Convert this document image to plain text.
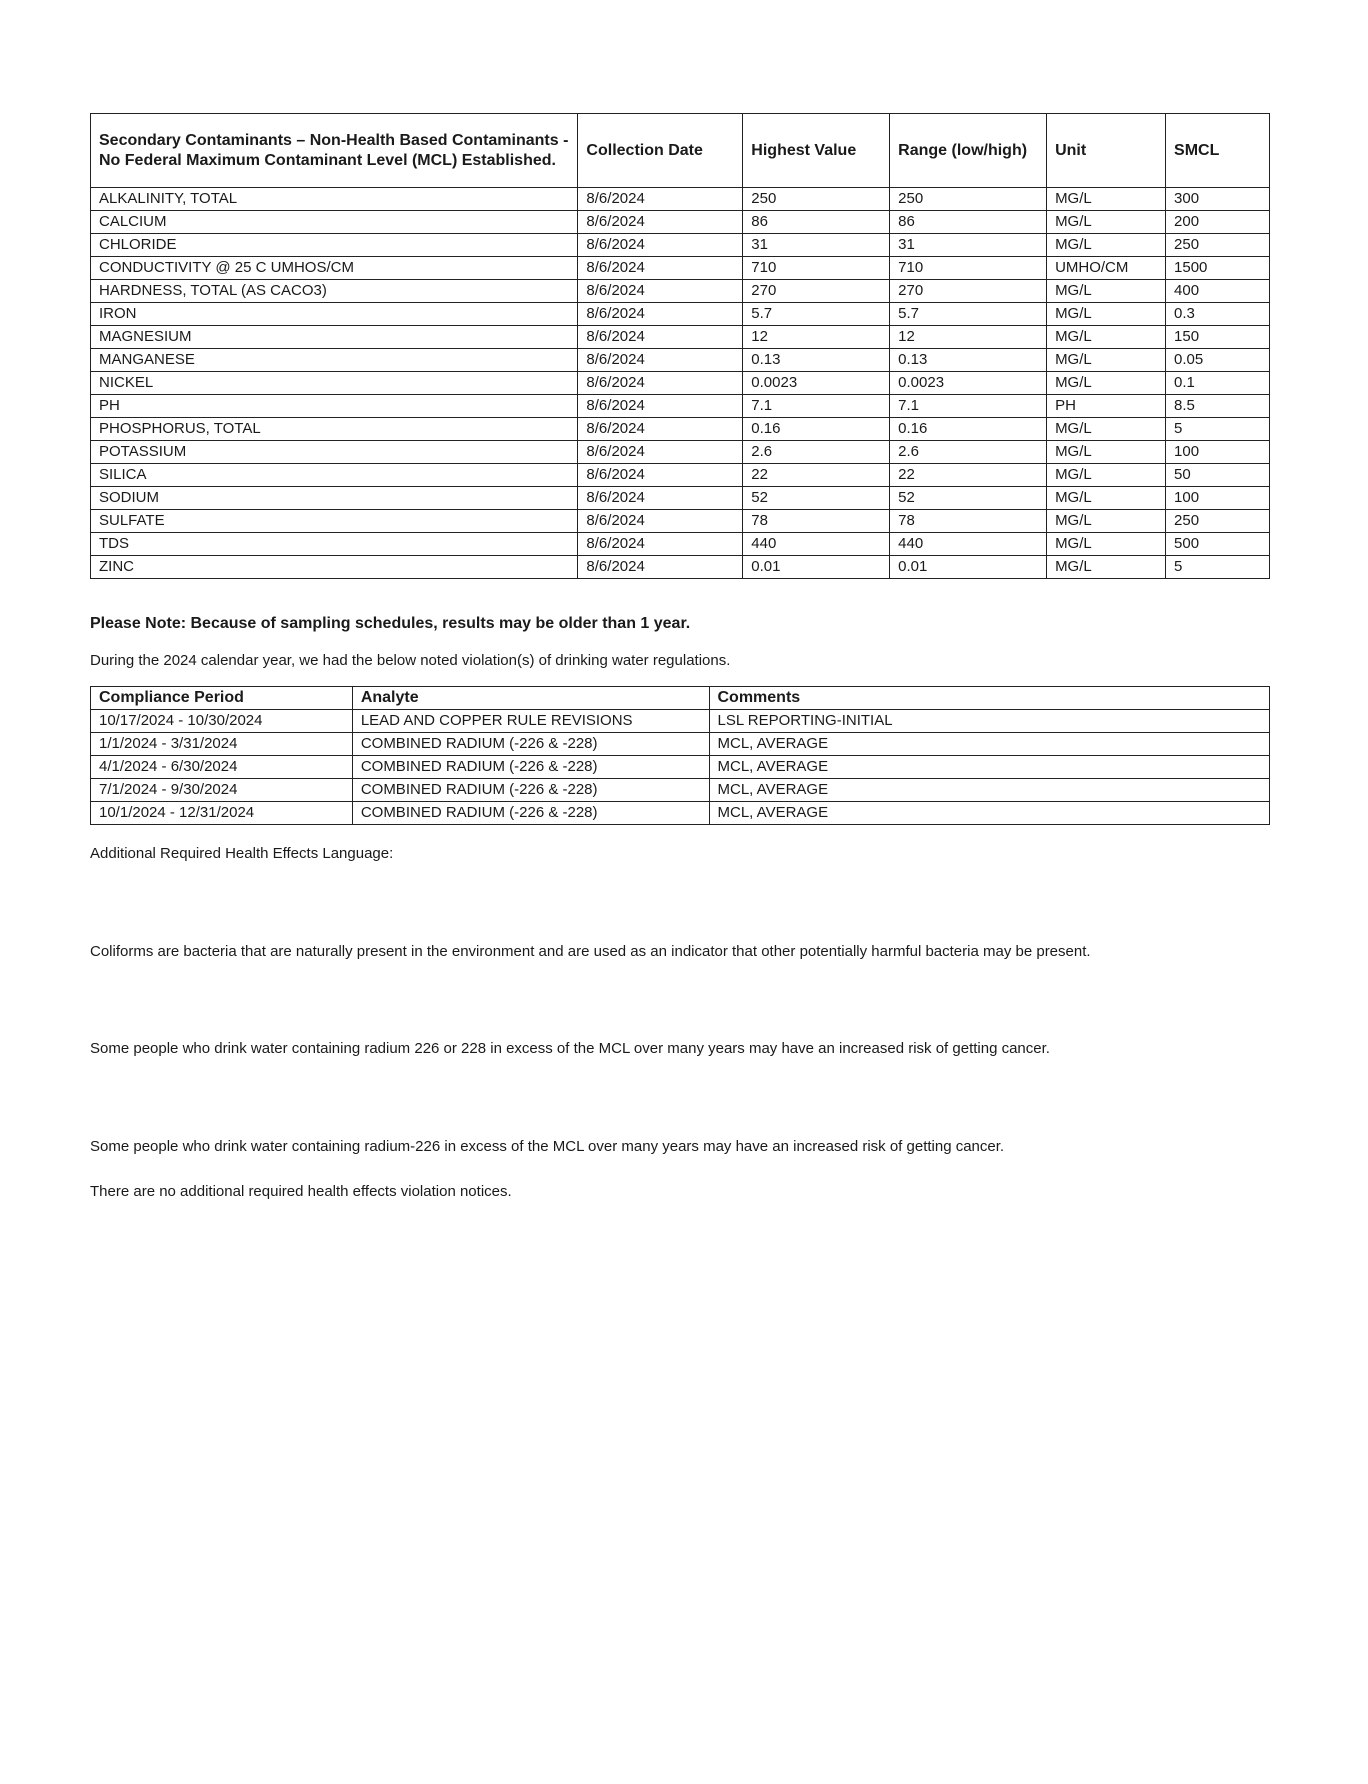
Secondary Contaminants – Non-Health Based Contaminants - No Federal Maximum Contaminant Level (MCL) Established.	Collection Date	Highest Value	Range (low/high)	Unit	SMCL
ALKALINITY, TOTAL	8/6/2024	250	250	MG/L	300
CALCIUM	8/6/2024	86	86	MG/L	200
CHLORIDE	8/6/2024	31	31	MG/L	250
CONDUCTIVITY @ 25 C UMHOS/CM	8/6/2024	710	710	UMHO/CM	1500
HARDNESS, TOTAL (AS CACO3)	8/6/2024	270	270	MG/L	400
IRON	8/6/2024	5.7	5.7	MG/L	0.3
MAGNESIUM	8/6/2024	12	12	MG/L	150
MANGANESE	8/6/2024	0.13	0.13	MG/L	0.05
NICKEL	8/6/2024	0.0023	0.0023	MG/L	0.1
PH	8/6/2024	7.1	7.1	PH	8.5
PHOSPHORUS, TOTAL	8/6/2024	0.16	0.16	MG/L	5
POTASSIUM	8/6/2024	2.6	2.6	MG/L	100
SILICA	8/6/2024	22	22	MG/L	50
SODIUM	8/6/2024	52	52	MG/L	100
SULFATE	8/6/2024	78	78	MG/L	250
TDS	8/6/2024	440	440	MG/L	500
ZINC	8/6/2024	0.01	0.01	MG/L	5
Please Note: Because of sampling schedules, results may be older than 1 year.
During the 2024 calendar year, we had the below noted violation(s) of drinking water regulations.
Compliance Period	Analyte	Comments
10/17/2024 - 10/30/2024	LEAD AND COPPER RULE REVISIONS	LSL REPORTING-INITIAL
1/1/2024 - 3/31/2024	COMBINED RADIUM (-226 & -228)	MCL, AVERAGE
4/1/2024 - 6/30/2024	COMBINED RADIUM (-226 & -228)	MCL, AVERAGE
7/1/2024 - 9/30/2024	COMBINED RADIUM (-226 & -228)	MCL, AVERAGE
10/1/2024 - 12/31/2024	COMBINED RADIUM (-226 & -228)	MCL, AVERAGE
Additional Required Health Effects Language:
Coliforms are bacteria that are naturally present in the environment and are used as an indicator that other potentially harmful bacteria may be present.
Some people who drink water containing radium 226 or 228 in excess of the MCL over many years may have an increased risk of getting cancer.
Some people who drink water containing radium-226 in excess of the MCL over many years may have an increased risk of getting cancer.
There are no additional required health effects violation notices.
